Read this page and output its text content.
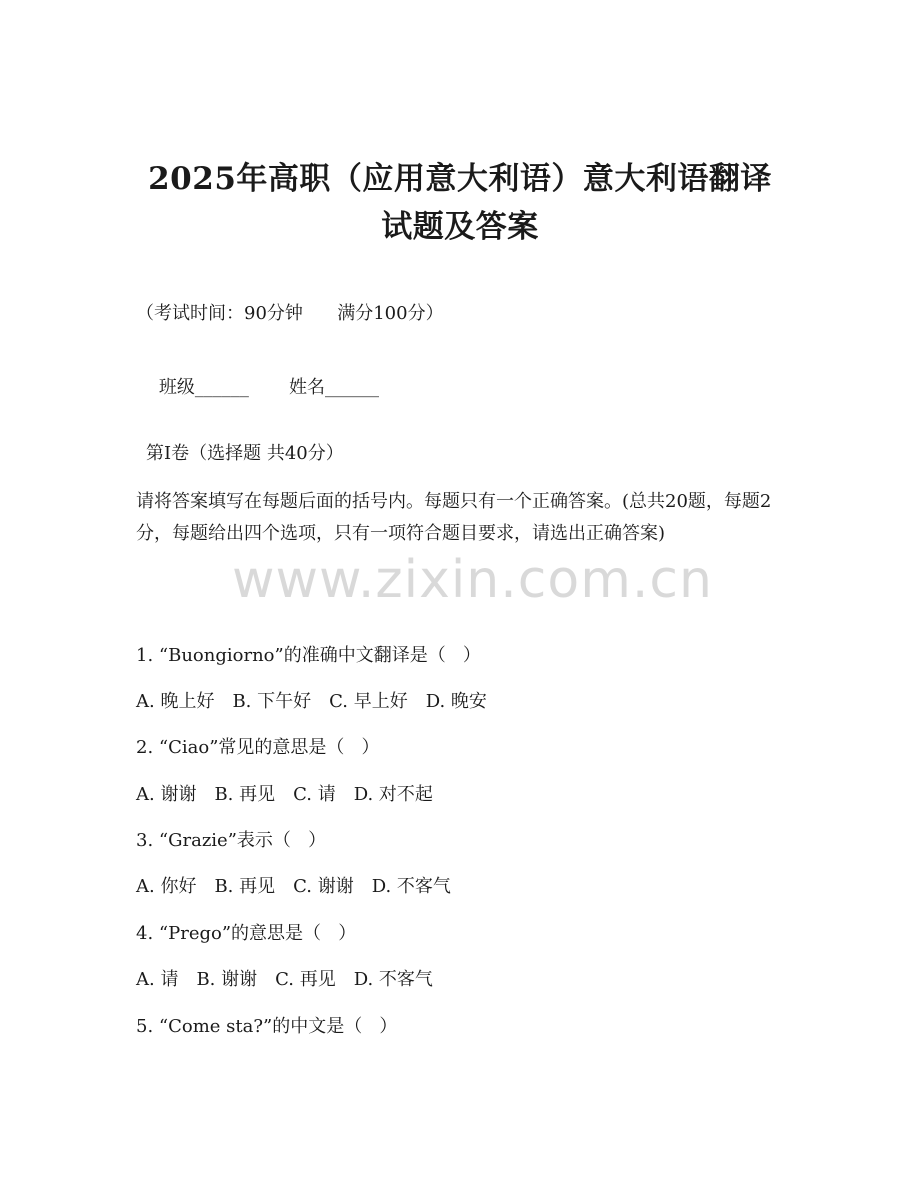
2025年高职（应用意大利语）意大利语翻译
试题及答案
（考试时间：90分钟      满分100分）

班级______ 姓名______

第Ⅰ卷（选择题 共40分）
请将答案填写在每题后面的括号内。每题只有一个正确答案。(总共20题，每题2分，每题给出四个选项，只有一项符合题目要求，请选出正确答案)
www.zixin.com.cn
1. “Buongiorno”的准确中文翻译是（   ）
A. 晚上好 B. 下午好 C. 早上好 D. 晚安
2. “Ciao”常见的意思是（   ）
A. 谢谢 B. 再见 C. 请 D. 对不起
3. “Grazie”表示（   ）
A. 你好 B. 再见 C. 谢谢 D. 不客气
4. “Prego”的意思是（   ）
A. 请 B. 谢谢 C. 再见 D. 不客气
5. “Come sta?”的中文是（   ）
